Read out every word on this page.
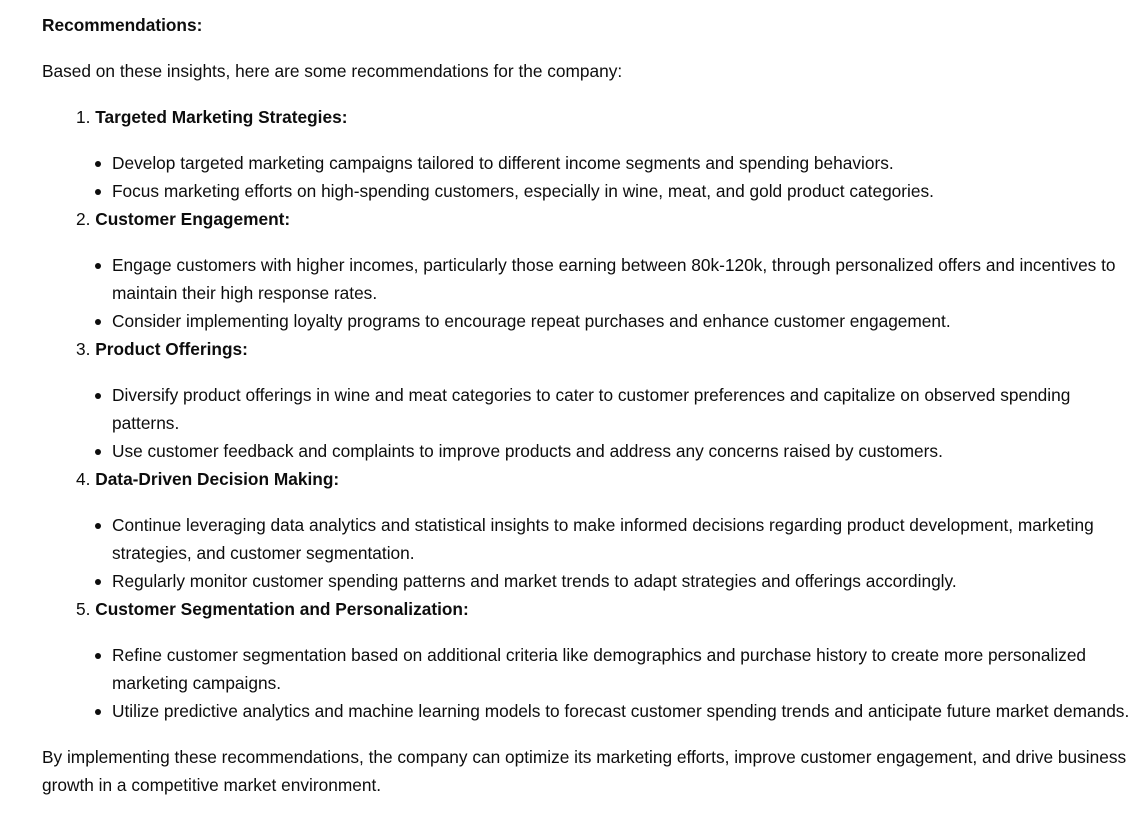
Recommendations:

Based on these insights, here are some recommendations for the company:

1. Targeted Marketing Strategies:

Develop targeted marketing campaigns tailored to different income segments and spending behaviors.
Focus marketing efforts on high-spending customers, especially in wine, meat, and gold product categories.

2. Customer Engagement:

Engage customers with higher incomes, particularly those earning between 80k-120k, through personalized offers and incentives to maintain their high response rates.
Consider implementing loyalty programs to encourage repeat purchases and enhance customer engagement.

3. Product Offerings:

Diversify product offerings in wine and meat categories to cater to customer preferences and capitalize on observed spending patterns.
Use customer feedback and complaints to improve products and address any concerns raised by customers.

4. Data-Driven Decision Making:

Continue leveraging data analytics and statistical insights to make informed decisions regarding product development, marketing strategies, and customer segmentation.
Regularly monitor customer spending patterns and market trends to adapt strategies and offerings accordingly.

5. Customer Segmentation and Personalization:

Refine customer segmentation based on additional criteria like demographics and purchase history to create more personalized marketing campaigns.
Utilize predictive analytics and machine learning models to forecast customer spending trends and anticipate future market demands.

By implementing these recommendations, the company can optimize its marketing efforts, improve customer engagement, and drive business growth in a competitive market environment.
